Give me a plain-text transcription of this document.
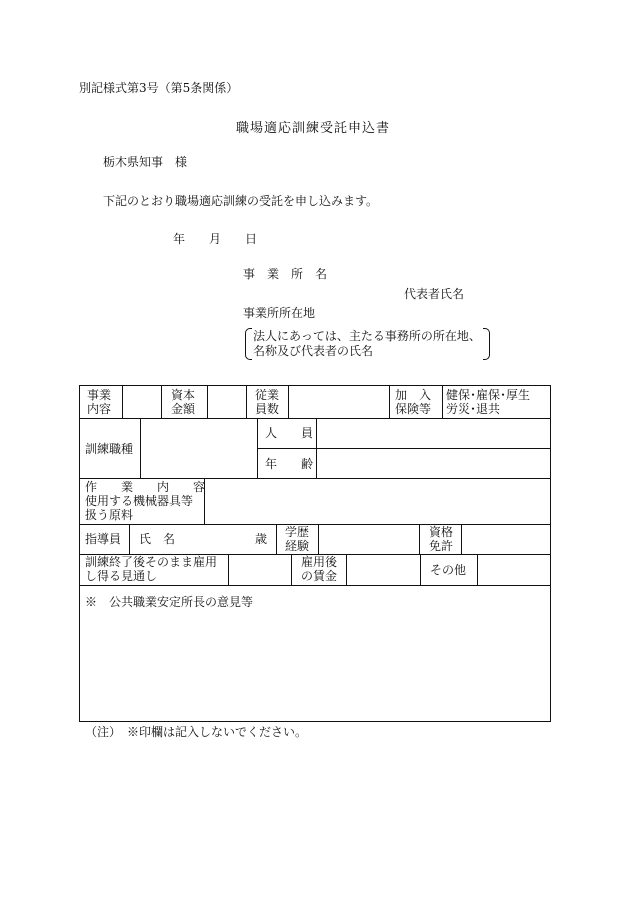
別記様式第3号（第5条関係）
職場適応訓練受託申込書
栃木県知事　様
下記のとおり職場適応訓練の受託を申し込みます。
年　　月　　日
事　業　所　名
代表者氏名
事業所所在地
法人にあっては、主たる事務所の所在地、
名称及び代表者の氏名
事業
内容
資本
金額
従業
員数
加　入
保険等
健保･雇保･厚生
労災･退共
訓練職種
人　　員
年　　齢
作　　業　　内　　容
使用する機械器具等
扱う原料
指導員 氏　名	歳 学歴
経験
資格
免許
訓練終了後そのまま雇用
し得る見通し
雇用後
の賃金	その他
※　公共職業安定所長の意見等
（注）　※印欄は記入しないでください。
